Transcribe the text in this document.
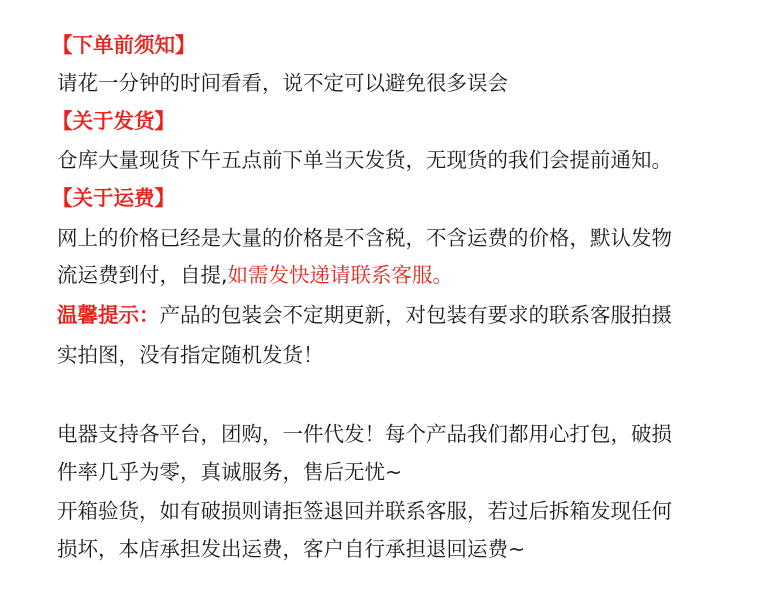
【下单前须知】
请花一分钟的时间看看，说不定可以避免很多误会
【关于发货】
仓库大量现货下午五点前下单当天发货，无现货的我们会提前通知。
【关于运费】
网上的价格已经是大量的价格是不含税，不含运费的价格，默认发物
流运费到付，自提,如需发快递请联系客服。
温馨提示：产品的包装会不定期更新，对包装有要求的联系客服拍摄
实拍图，没有指定随机发货！
电器支持各平台，团购，一件代发！每个产品我们都用心打包，破损
件率几乎为零，真诚服务，售后无忧~
开箱验货，如有破损则请拒签退回并联系客服，若过后拆箱发现任何
损坏，本店承担发出运费，客户自行承担退回运费~
